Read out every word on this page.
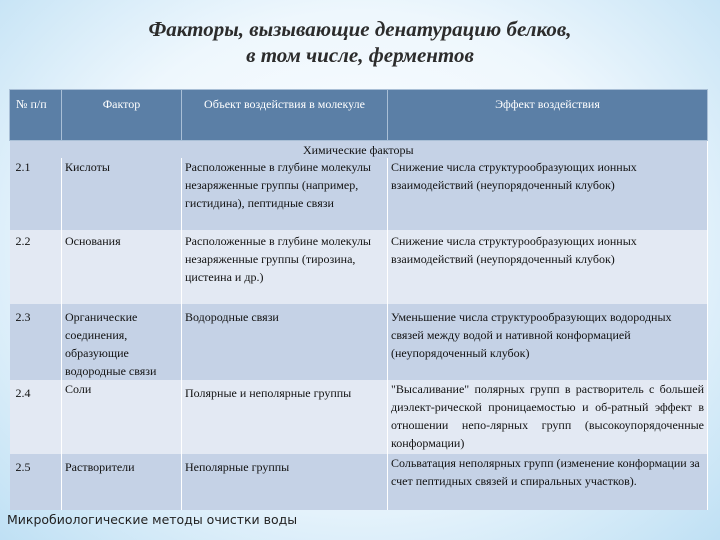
Факторы, вызывающие денатурацию белков,
в том числе, ферментов
№ п/п	Фактор	Объект воздействия в молекуле	Эффект воздействия
Химические факторы			
2.1	Кислоты	Расположенные в глубине молекулы незаряженные группы (например, гистидина), пептидные связи	Снижение числа структурообразующих ионных взаимодействий (неупорядоченный клубок)
2.2	Основания	Расположенные в глубине молекулы незаряженные группы (тирозина, цистеина и др.)	Снижение числа структурообразующих ионных взаимодействий (неупорядоченный клубок)
2.3	Органические соединения, образующие водородные связи	Водородные связи	Уменьшение числа структурообразующих водородных связей между водой и нативной конформацией (неупорядоченный клубок)
2.4	Соли	Полярные и неполярные группы	"Высаливание" полярных групп в растворитель с большей диэлект-рической проницаемостью и об-ратный эффект в отношении непо-лярных групп (высокоупорядоченные конформации)
2.5	Растворители	Неполярные группы	Сольватация неполярных групп (изменение конформации за счет пептидных связей и спиральных участков).
Микробиологические методы очистки воды
